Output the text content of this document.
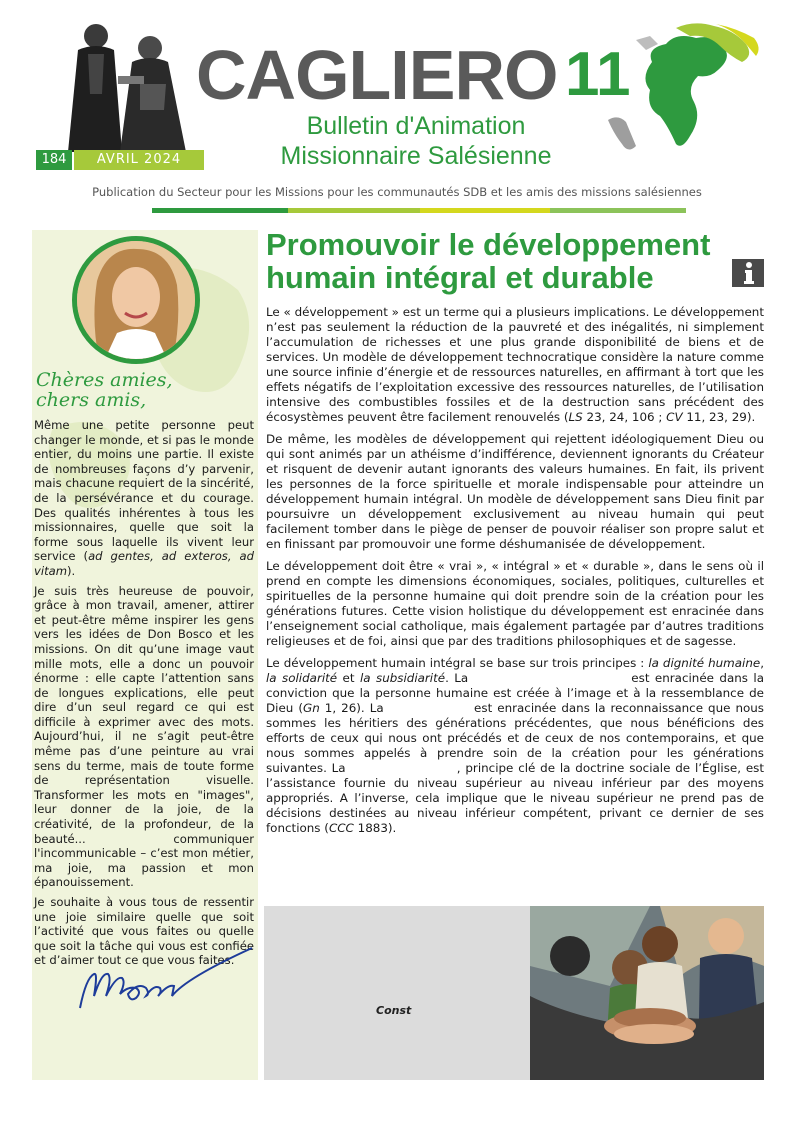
CAGLIERO 11
Bulletin d'Animation
Missionnaire Salésienne
184	AVRIL 2024
Publication du Secteur pour les Missions pour les communautés SDB et les amis des missions salésiennes
Chères amies,
chers amis,

Même une petite personne peut changer le monde, et si pas le monde entier, du moins une partie. Il existe de nombreuses façons d’y parvenir, mais chacune requiert de la sincérité, de la persévérance et du courage. Des qualités inhérentes à tous les missionnaires, quelle que soit la forme sous laquelle ils vivent leur service (ad gentes, ad exteros, ad vitam).

Je suis très heureuse de pouvoir, grâce à mon travail, amener, attirer et peut-être même inspirer les gens vers les idées de Don Bosco et les missions. On dit qu’une image vaut mille mots, elle a donc un pouvoir énorme : elle capte l’attention sans de longues explications, elle peut dire d’un seul regard ce qui est difficile à exprimer avec des mots. Aujourd’hui, il ne s’agit peut-être même pas d’une peinture au vrai sens du terme, mais de toute forme de représentation visuelle. Transformer les mots en "images", leur donner de la joie, de la créativité, de la profondeur, de la beauté... communiquer l'incommunicable – c’est mon métier, ma joie, ma passion et mon épanouissement.

Je souhaite à vous tous de ressentir une joie similaire quelle que soit l’activité que vous faites ou quelle que soit la tâche qui vous est confiée et d’aimer tout ce que vous faites.

Promouvoir le développement
humain intégral et durable

Le « développement » est un terme qui a plusieurs implications. Le développement n’est pas seulement la réduction de la pauvreté et des inégalités, ni simplement l’accumulation de richesses et une plus grande disponibilité de biens et de services. Un modèle de développement technocratique considère la nature comme une source infinie d’énergie et de ressources naturelles, en affirmant à tort que les effets négatifs de l’exploitation excessive des ressources naturelles, de l’utilisation intensive des combustibles fossiles et de la destruction sans précédent des écosystèmes peuvent être facilement renouvelés (LS 23, 24, 106 ; CV 11, 23, 29).

De même, les modèles de développement qui rejettent idéologiquement Dieu ou qui sont animés par un athéisme d’indifférence, deviennent ignorants du Créateur et risquent de devenir autant ignorants des valeurs humaines. En fait, ils privent les personnes de la force spirituelle et morale indispensable pour atteindre un développement humain intégral. Un modèle de développement sans Dieu finit par poursuivre un développement exclusivement au niveau humain qui peut facilement tomber dans le piège de penser de pouvoir réaliser son propre salut et en finissant par promouvoir une forme déshumanisée de développement.

Le développement doit être « vrai », « intégral » et « durable », dans le sens où il prend en compte les dimensions économiques, sociales, politiques, culturelles et spirituelles de la personne humaine qui doit prendre soin de la création pour les générations futures. Cette vision holistique du développement est enracinée dans l’enseignement social catholique, mais également partagée par d’autres traditions religieuses et de foi, ainsi que par des traditions philosophiques et de sagesse.

Le développement humain intégral se base sur trois principes : la dignité humaine, la solidarité et la subsidiarité. La                              est enracinée dans la conviction que la personne humaine est créée à l’image et à la ressemblance de Dieu (Gn 1, 26). La                  est enracinée dans la reconnaissance que nous sommes les héritiers des générations précédentes, que nous bénéficions des efforts de ceux qui nous ont précédés et de ceux de nos contemporains, et que nous sommes appelés à prendre soin de la création pour les générations suivantes. La                       , principe clé de la doctrine sociale de l’Église, est l’assistance fournie du niveau supérieur au niveau inférieur par des moyens appropriés. A l’inverse, cela implique que le niveau supérieur ne prend pas de décisions destinées au niveau inférieur compétent, privant ce dernier de ses fonctions (CCC 1883).

Const
